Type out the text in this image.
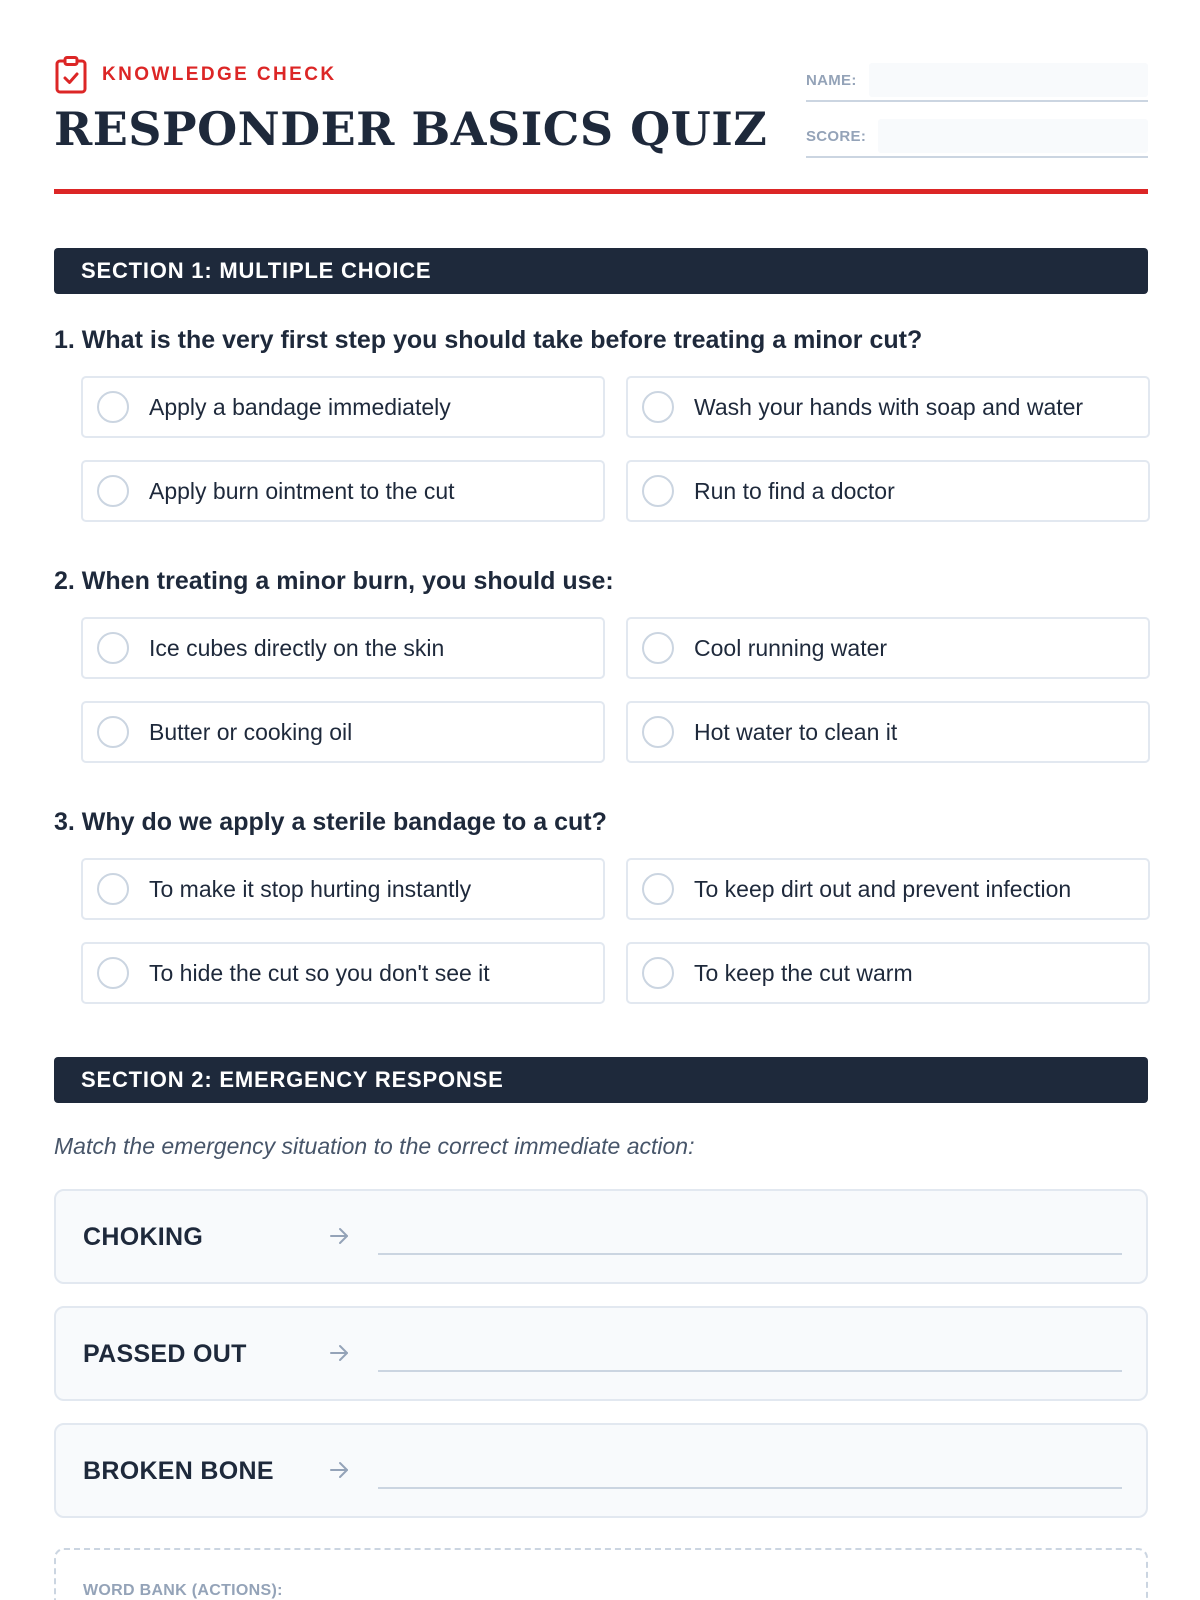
KNOWLEDGE CHECK
RESPONDER BASICS QUIZ
NAME:
SCORE:
SECTION 1: MULTIPLE CHOICE
1. What is the very first step you should take before treating a minor cut?
Apply a bandage immediately	Wash your hands with soap and water
Apply burn ointment to the cut	Run to find a doctor
2. When treating a minor burn, you should use:
Ice cubes directly on the skin	Cool running water
Butter or cooking oil	Hot water to clean it
3. Why do we apply a sterile bandage to a cut?
To make it stop hurting instantly	To keep dirt out and prevent infection
To hide the cut so you don't see it	To keep the cut warm
SECTION 2: EMERGENCY RESPONSE
Match the emergency situation to the correct immediate action:
CHOKING
PASSED OUT
BROKEN BONE
WORD BANK (ACTIONS):
